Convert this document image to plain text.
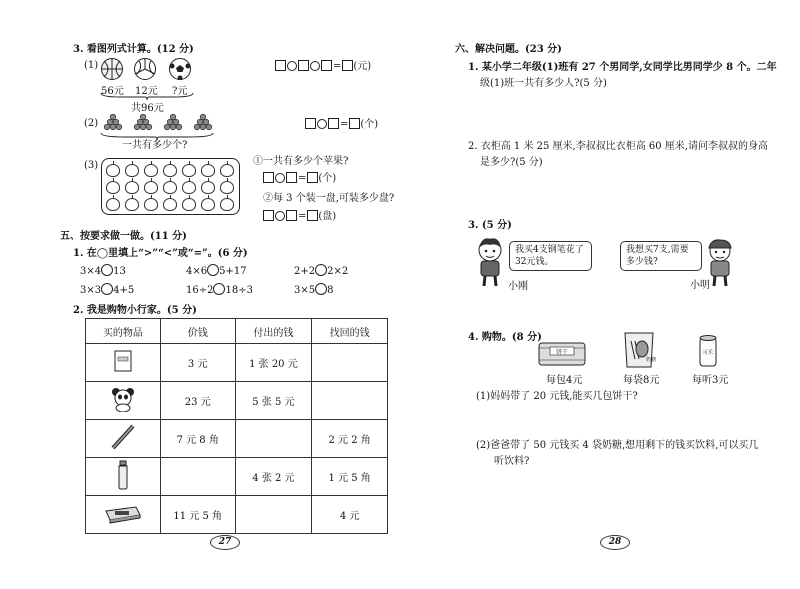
3. 看图列式计算。(12 分)
(1)
56元 12元 ?元
共96元
= (元)
(2)
一共有多少个?
= (个)
(3)	①一共有多少个苹果?
= (个)
②每 3 个装一盘,可装多少盘?
= (盘)
五、按要求做一做。(11 分)
1. 在◯里填上“>”“<”或“=”。(6 分)
3×4 13	4×6 5+17	2+2 2×2
3×3 4+5	16÷2 18÷3	3×5 8
2. 我是购物小行家。(5 分)
买的物品	价钱	付出的钱	找回的钱
	3 元	1 张 20 元	
	23 元	5 张 5 元	
	7 元 8 角		2 元 2 角
		4 张 2 元	1 元 5 角
	11 元 5 角		4 元
27
六、解决问题。(23 分)
1. 某小学二年级(1)班有 27 个男同学,女同学比男同学少 8 个。二年
级(1)班一共有多少人?(5 分)
2. 衣柜高 1 米 25 厘米,李叔叔比衣柜高 60 厘米,请问李叔叔的身高
是多少?(5 分)
3. (5 分)
我买4支钢笔花了32元钱。
小刚
我想买7支,需要多少钱?
小明
4. 购物。(8 分)
饼干
奶糖
可乐
每包4元	每袋8元	每听3元
(1)妈妈带了 20 元钱,能买几包饼干?
(2)爸爸带了 50 元钱买 4 袋奶糖,想用剩下的钱买饮料,可以买几
听饮料?
28
